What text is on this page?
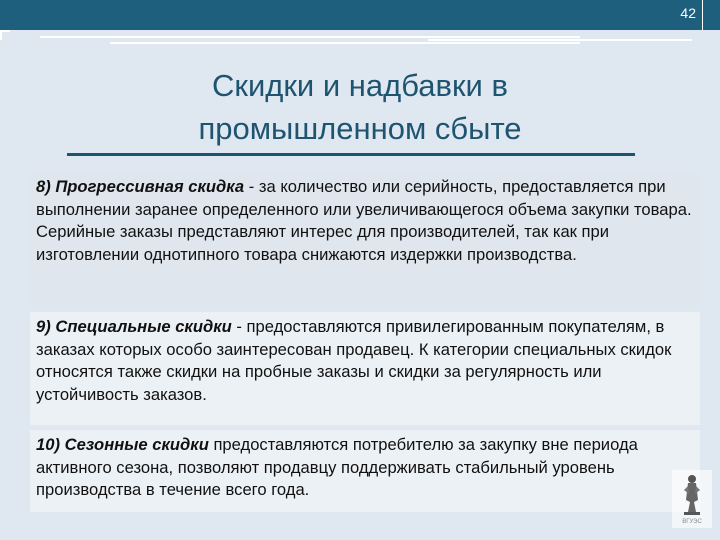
42
Скидки и надбавки в промышленном сбыте
8) Прогрессивная скидка - за количество или серийность, предоставляется при выполнении заранее определенного или увеличивающегося объема закупки товара. Серийные заказы представляют интерес для производителей, так как при изготовлении однотипного товара снижаются издержки производства.
9) Специальные скидки - предоставляются привилегированным покупателям, в заказах которых особо заинтересован продавец. К категории специальных скидок относятся также скидки на пробные заказы и скидки за регулярность или устойчивость заказов.
10) Сезонные скидки предоставляются потребителю за закупку вне периода активного сезона, позволяют продавцу поддерживать стабильный уровень производства в течение всего года.
ВГУЭС
